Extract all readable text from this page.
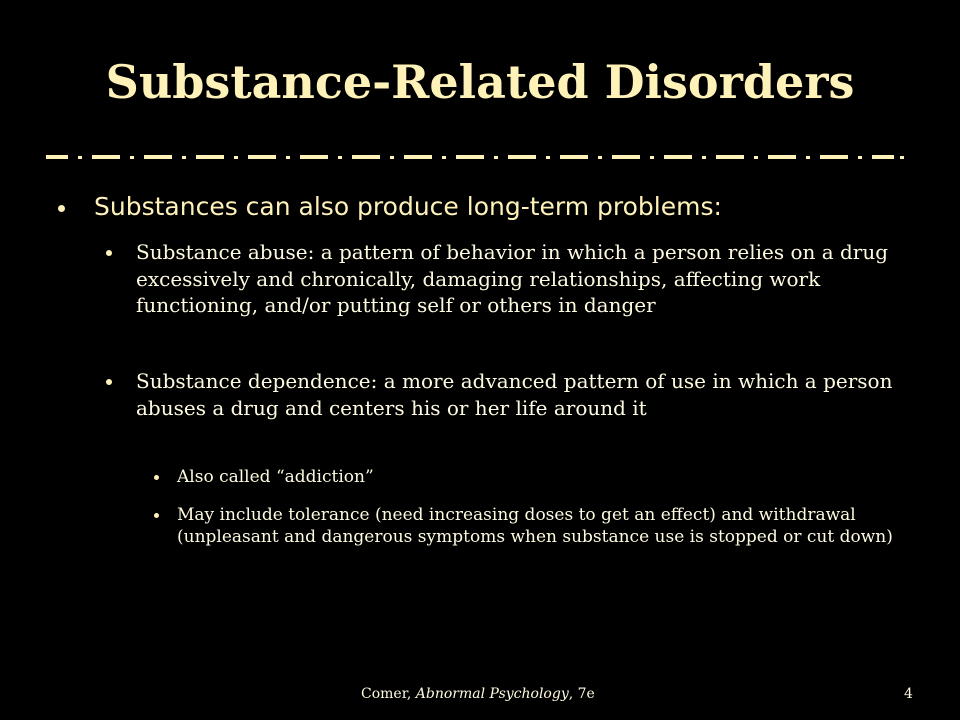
Substance-Related Disorders
Substances can also produce long-term problems:
Substance abuse: a pattern of behavior in which a person relies on a drug excessively and chronically, damaging relationships, affecting work functioning, and/or putting self or others in danger
Substance dependence: a more advanced pattern of use in which a person abuses a drug and centers his or her life around it
Also called “addiction”
May include tolerance (need increasing doses to get an effect) and withdrawal (unpleasant and dangerous symptoms when substance use is stopped or cut down)
Comer, Abnormal Psychology, 7e	4
